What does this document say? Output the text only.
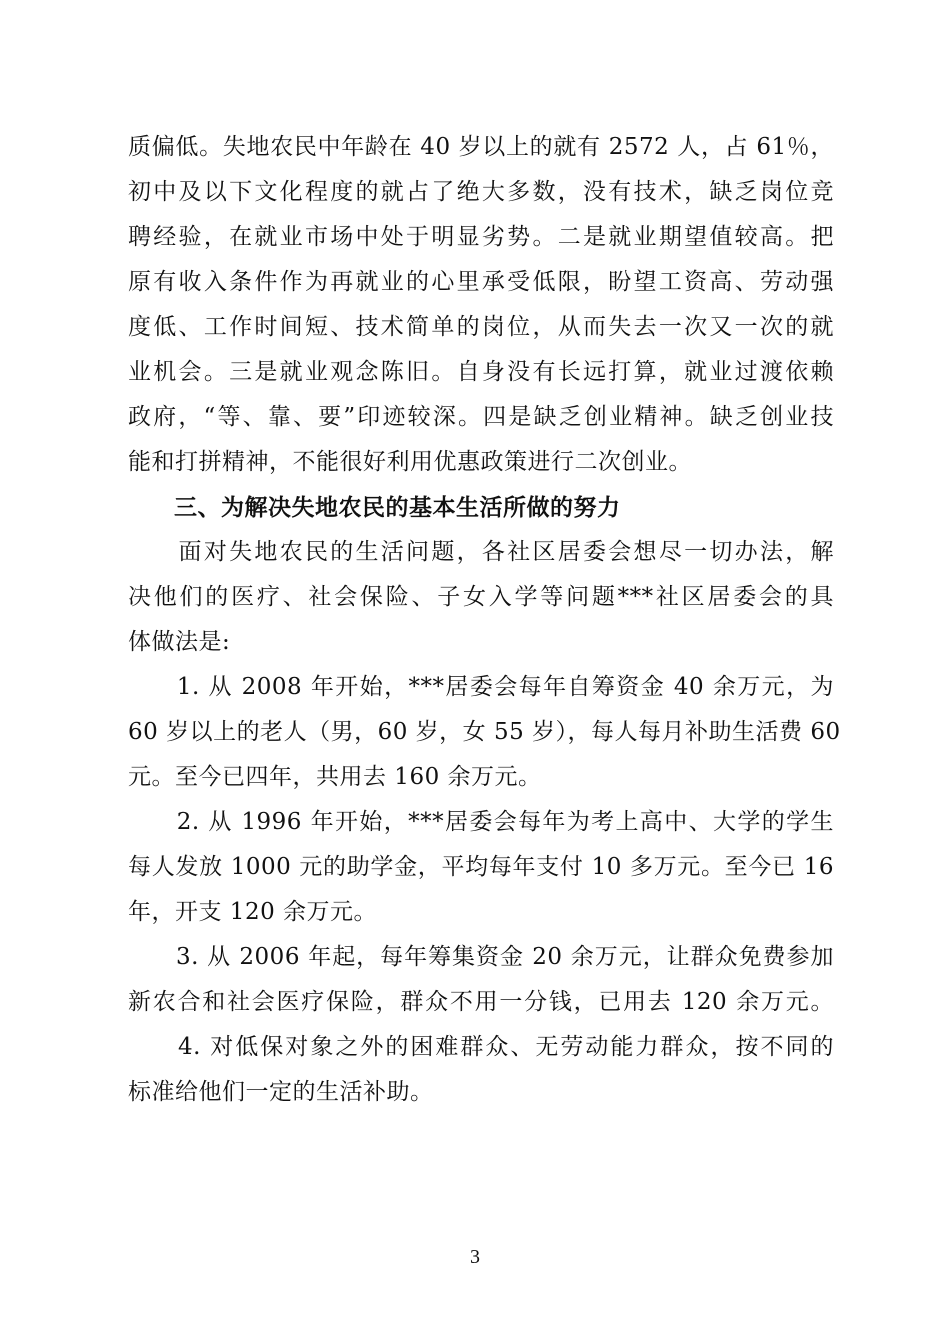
质偏低。失地农民中年龄在 40 岁以上的就有 2572 人，占 61％，
初中及以下文化程度的就占了绝大多数，没有技术，缺乏岗位竞
聘经验，在就业市场中处于明显劣势。二是就业期望值较高。把
原有收入条件作为再就业的心里承受低限，盼望工资高、劳动强
度低、工作时间短、技术简单的岗位，从而失去一次又一次的就
业机会。三是就业观念陈旧。自身没有长远打算，就业过渡依赖
政府，“等、靠、要”印迹较深。四是缺乏创业精神。缺乏创业技
能和打拼精神，不能很好利用优惠政策进行二次创业。
三、为解决失地农民的基本生活所做的努力
　　面对失地农民的生活问题，各社区居委会想尽一切办法，解
决他们的医疗、社会保险、子女入学等问题***社区居委会的具
体做法是:
　　1. 从 2008 年开始，***居委会每年自筹资金 40 余万元，为
60 岁以上的老人（男，60 岁，女 55 岁），每人每月补助生活费 60
元。至今已四年，共用去 160 余万元。
　　2. 从 1996 年开始，***居委会每年为考上高中、大学的学生
每人发放 1000 元的助学金，平均每年支付 10 多万元。至今已 16
年，开支 120 余万元。
　　3. 从 2006 年起，每年筹集资金 20 余万元，让群众免费参加
新农合和社会医疗保险，群众不用一分钱，已用去 120 余万元。
　　4. 对低保对象之外的困难群众、无劳动能力群众，按不同的
标准给他们一定的生活补助。
3
